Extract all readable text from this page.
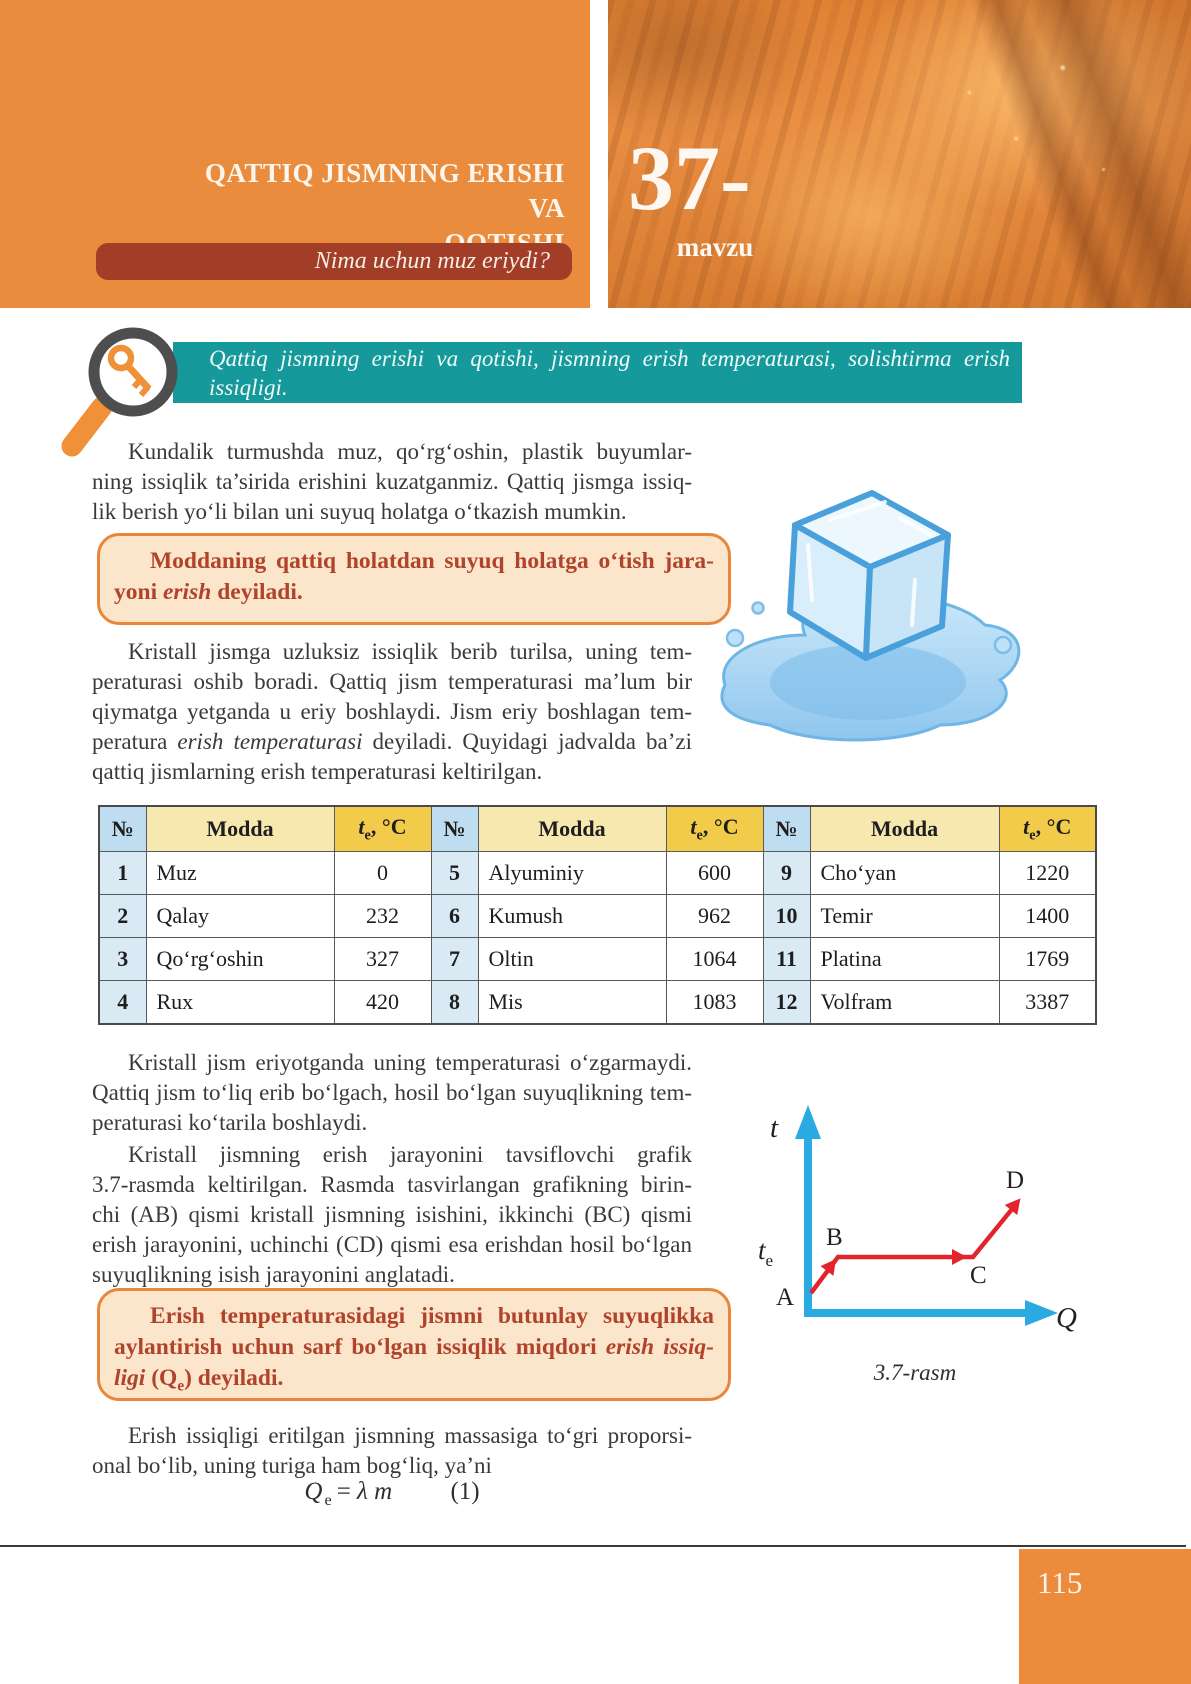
QATTIQ JISMNING ERISHI VA
Nima uchun muz eriydi?
37-
mavzu
Qattiq jismning erishi va qotishi, jismning erish temperaturasi, solishtirma erish
issiqligi.
Kundalik turmushda muz, qo‘rg‘oshin, plastik buyumlar-
ning issiqlik ta’sirida erishini kuzatganmiz. Qattiq jismga issiq-
lik berish yo‘li bilan uni suyuq holatga o‘tkazish mumkin.
Moddaning qattiq holatdan suyuq holatga o‘tish jara-
yoni erish deyiladi.
Kristall jismga uzluksiz issiqlik berib turilsa, uning tem-
peraturasi oshib boradi. Qattiq jism temperaturasi ma’lum bir
qiymatga yetganda u eriy boshlaydi. Jism eriy boshlagan tem-
peratura erish temperaturasi deyiladi. Quyidagi jadvalda ba’zi
qattiq jismlarning erish temperaturasi keltirilgan.
№	Modda	$t_e$, °C	№	Modda	$t_e$, °C	№	Modda	$t_e$, °C
1	Muz	0	5	Alyuminiy	600	9	Cho‘yan	1220
2	Qalay	232	6	Kumush	962	10	Temir	1400
3	Qo‘rg‘oshin	327	7	Oltin	1064	11	Platina	1769
4	Rux	420	8	Mis	1083	12	Volfram	3387
Kristall jism eriyotganda uning temperaturasi o‘zgarmaydi.
Qattiq jism to‘liq erib bo‘lgach, hosil bo‘lgan suyuqlikning tem-
peraturasi ko‘tarila boshlaydi.
Kristall jismning erish jarayonini tavsiflovchi grafik
3.7-rasmda keltirilgan. Rasmda tasvirlangan grafikning birin-
chi (AB) qismi kristall jismning isishini, ikkinchi (BC) qismi
erish jarayonini, uchinchi (CD) qismi esa erishdan hosil bo‘lgan
suyuqlikning isish jarayonini anglatadi.
t
$t_e$
A
B
C
D
Q
3.7-rasm
Erish temperaturasidagi jismni butunlay suyuqlikka
aylantirish uchun sarf bo‘lgan issiqlik miqdori erish issiq-
ligi $(Q_e)$ deyiladi.
Erish issiqligi eritilgan jismning massasiga to‘gri proporsi-
onal bo‘lib, uning turiga ham bog‘liq, ya’ni
Q $_e$ = λ m   (1)
115
